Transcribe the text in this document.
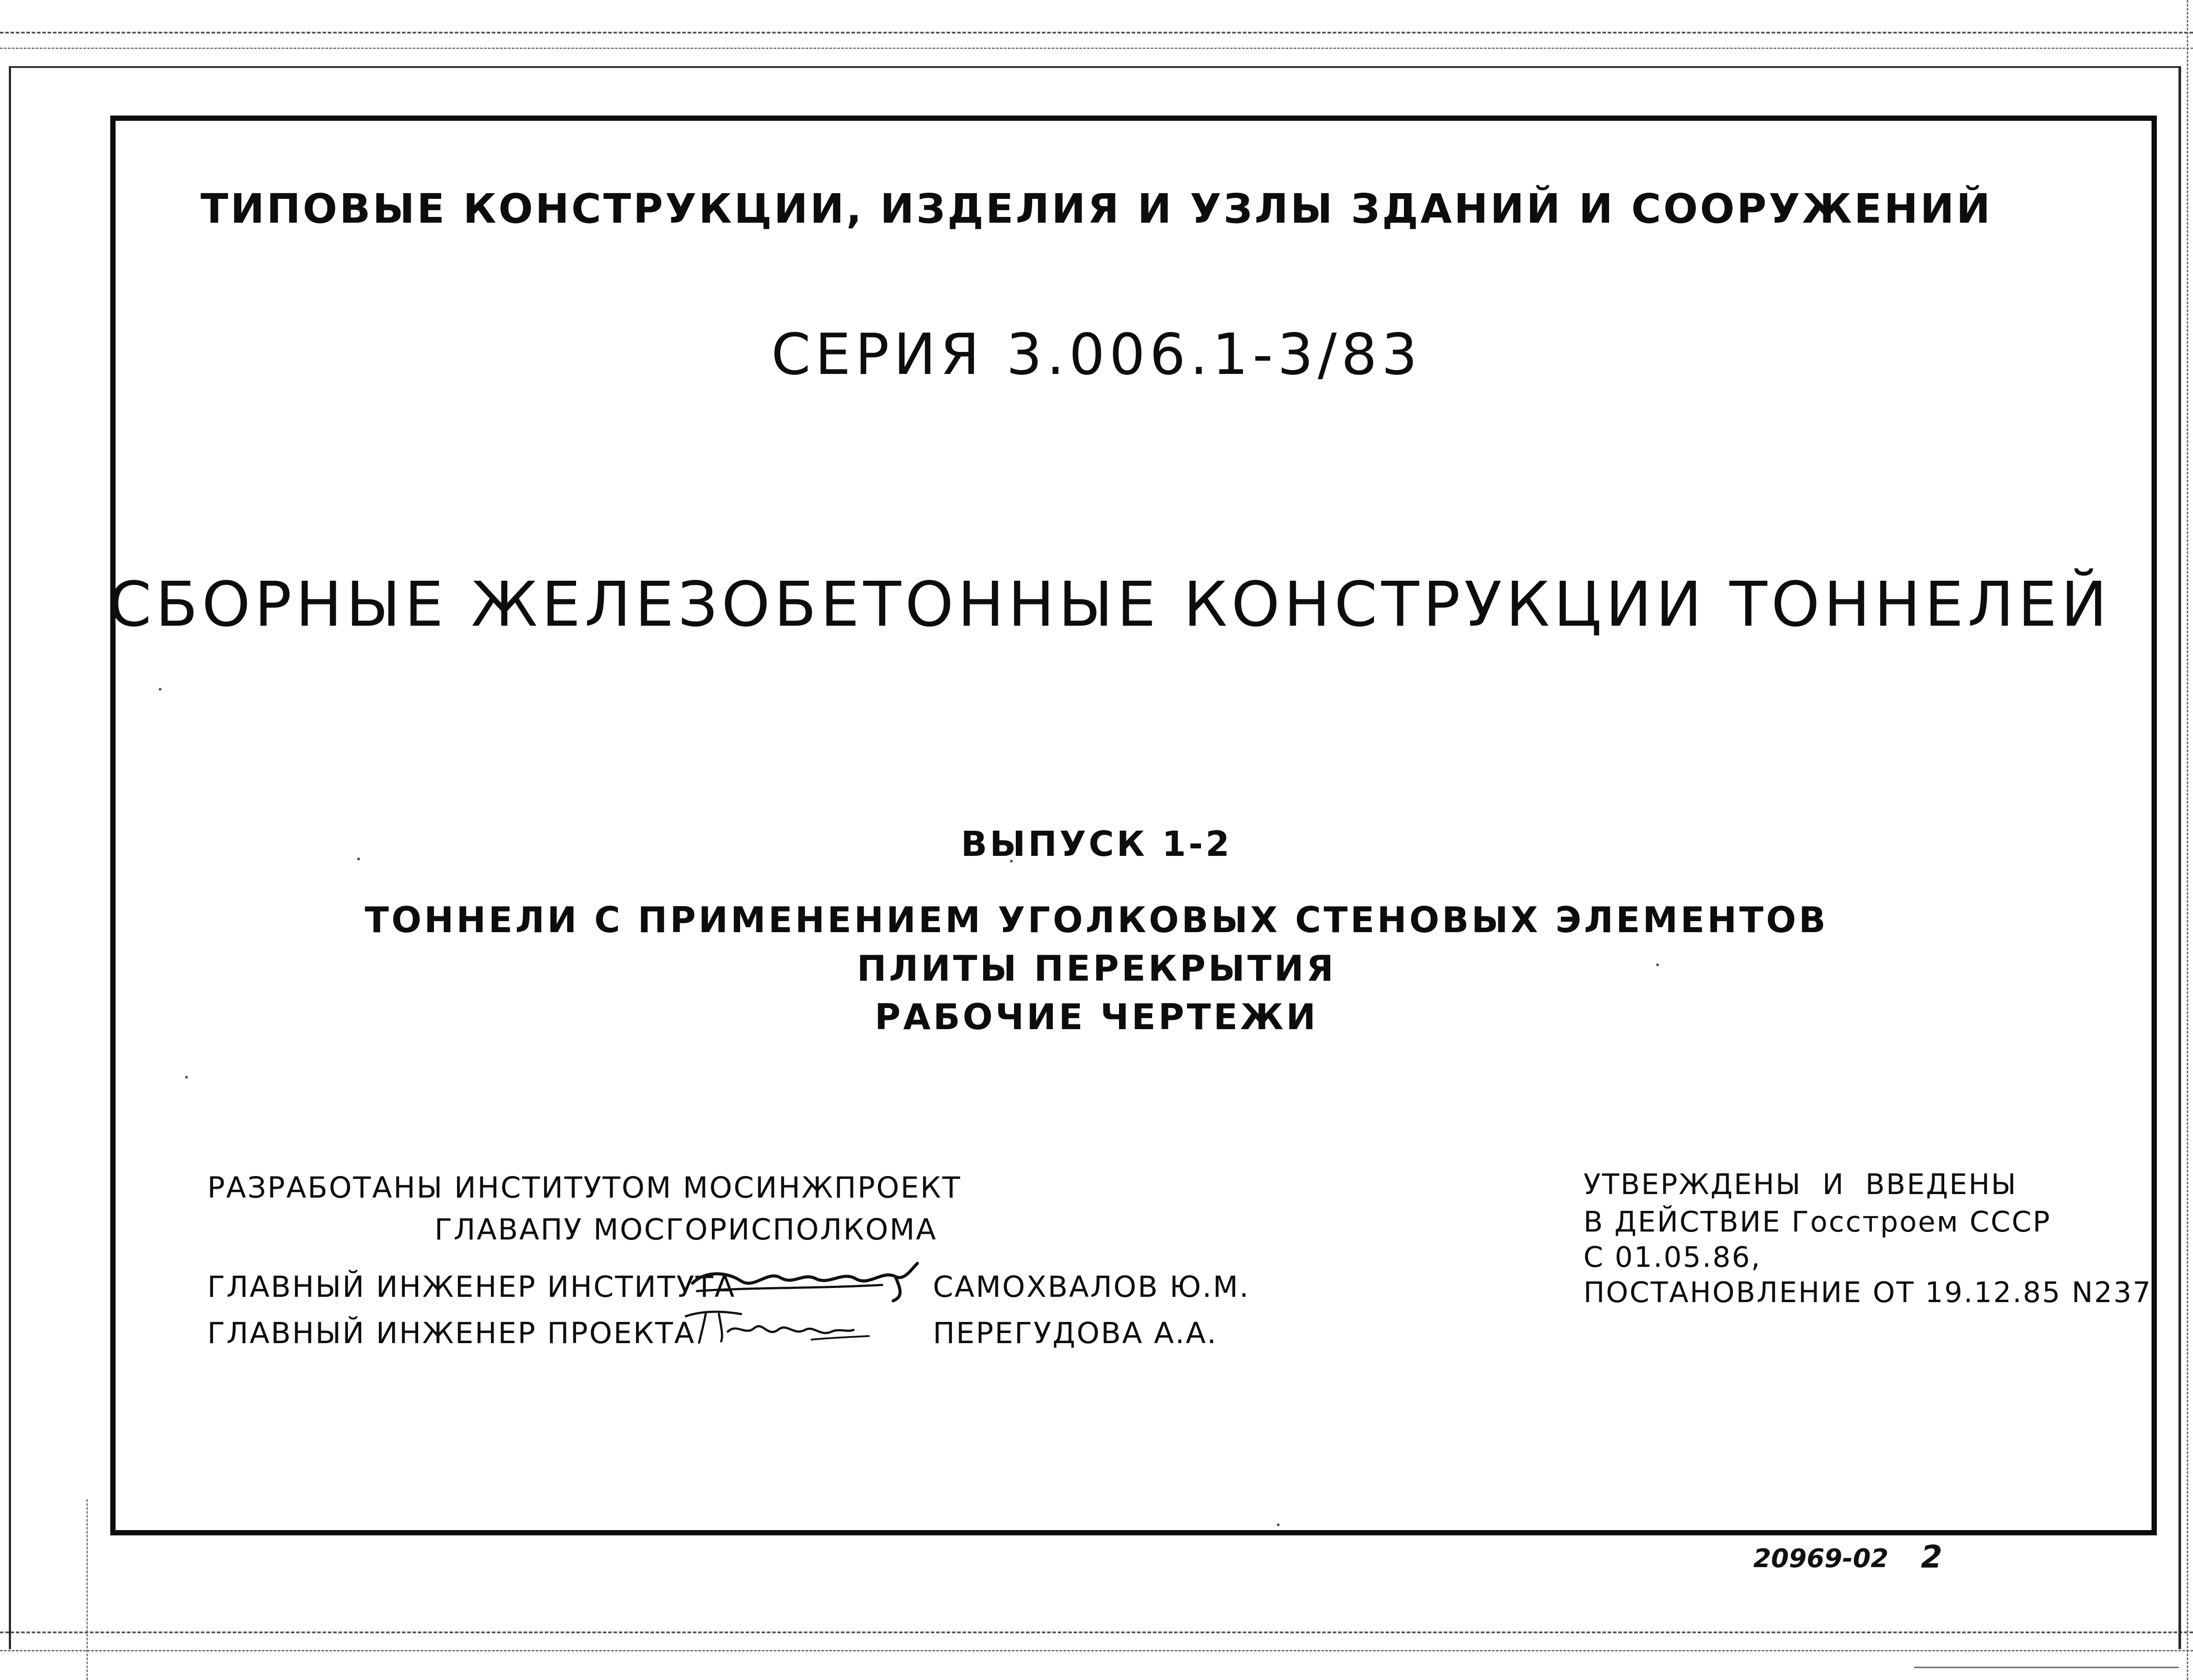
ТИПОВЫЕ КОНСТРУКЦИИ, ИЗДЕЛИЯ И УЗЛЫ ЗДАНИЙ И СООРУЖЕНИЙ
СЕРИЯ 3.006.1-3/83
СБОРНЫЕ ЖЕЛЕЗОБЕТОННЫЕ КОНСТРУКЦИИ ТОННЕЛЕЙ
ВЫПУСК 1-2
ТОННЕЛИ С ПРИМЕНЕНИЕМ УГОЛКОВЫХ СТЕНОВЫХ ЭЛЕМЕНТОВ
ПЛИТЫ ПЕРЕКРЫТИЯ
РАБОЧИЕ ЧЕРТЕЖИ
РАЗРАБОТАНЫ ИНСТИТУТОМ МОСИНЖПРОЕКТ
ГЛАВАПУ МОСГОРИСПОЛКОМА
ГЛАВНЫЙ ИНЖЕНЕР ИНСТИТУТА	САМОХВАЛОВ Ю.М.
ГЛАВНЫЙ ИНЖЕНЕР ПРОЕКТА	ПЕРЕГУДОВА А.А.
УТВЕРЖДЕНЫ  И  ВВЕДЕНЫ
В ДЕЙСТВИЕ Госстроем СССР
С 01.05.86,
ПОСТАНОВЛЕНИЕ ОТ 19.12.85 N237
20969-02 2
